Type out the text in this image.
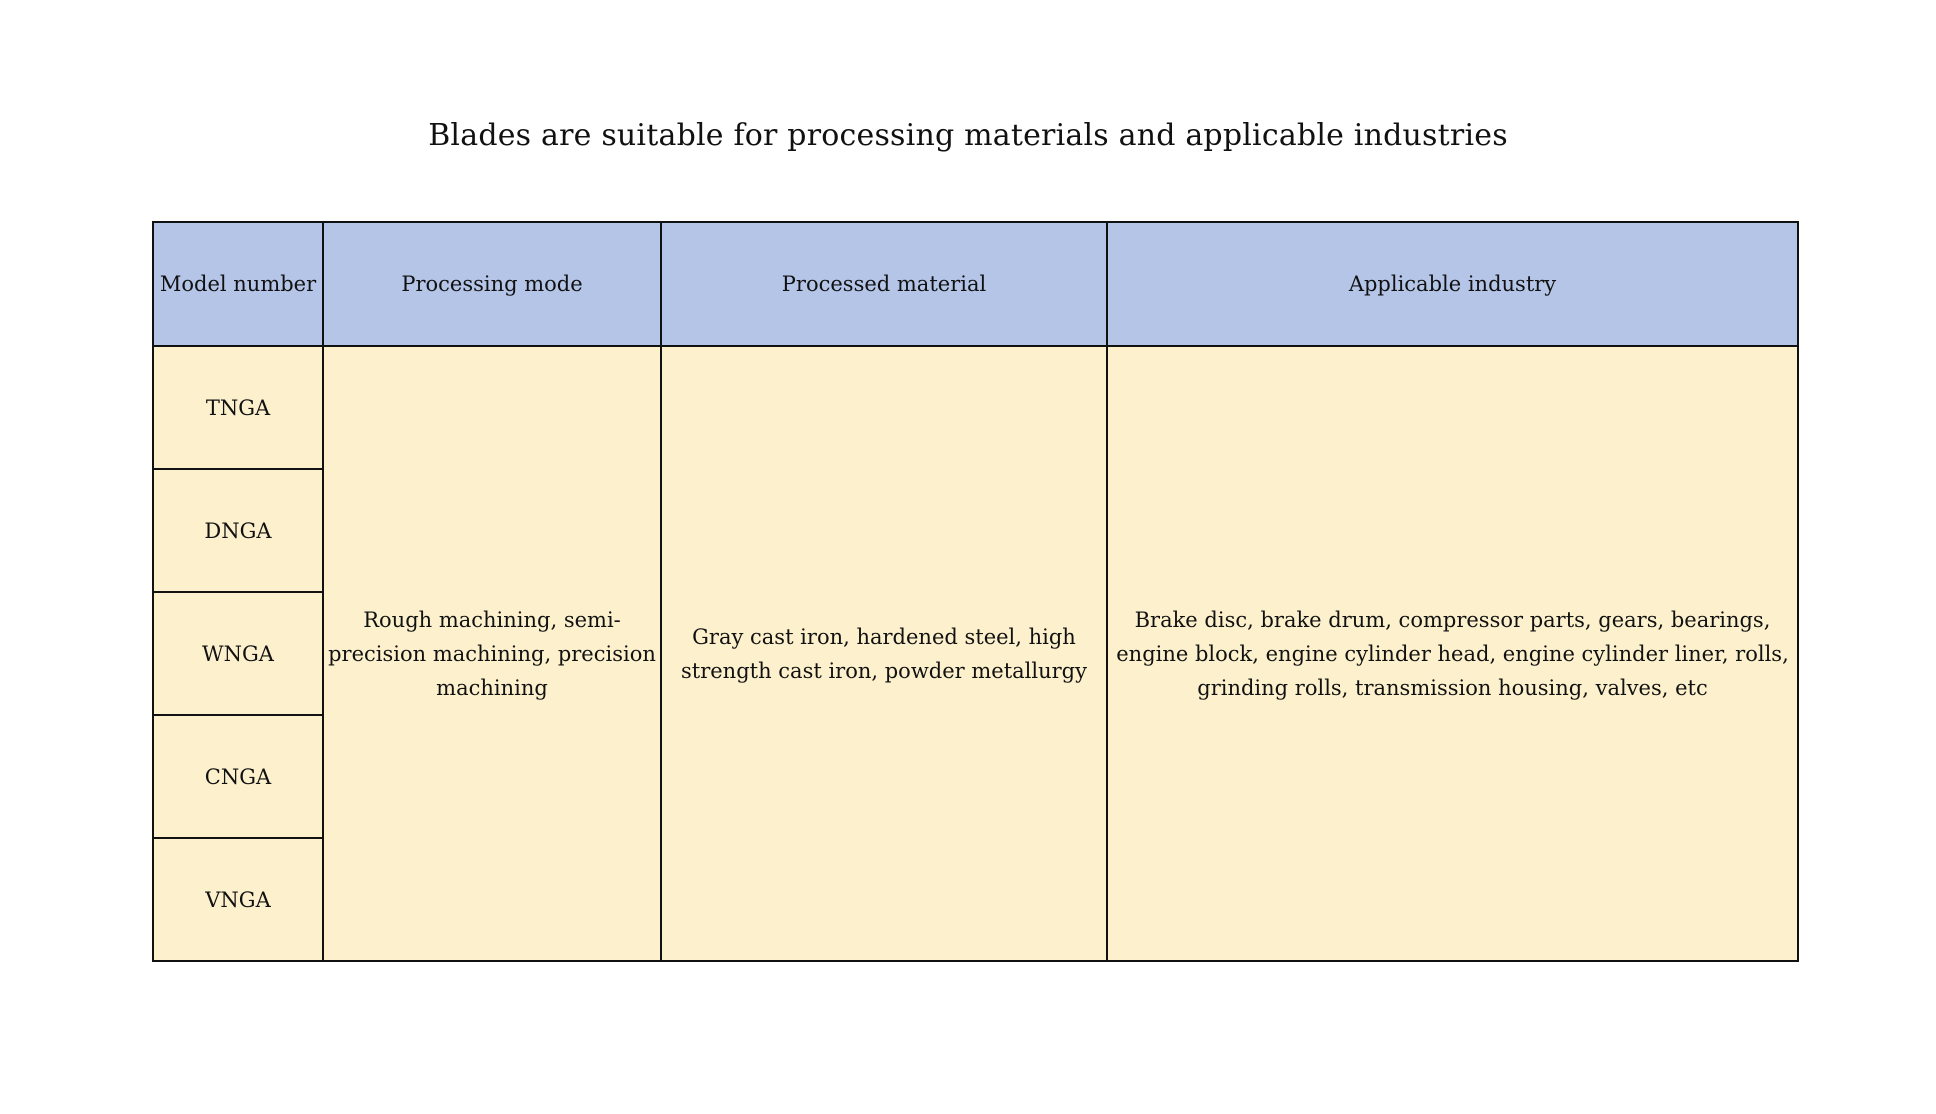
Blades are suitable for processing materials and applicable industries
Model number	Processing mode	Processed material	Applicable industry
TNGA	Rough machining, semi-precision machining, precision machining	Gray cast iron, hardened steel, high strength cast iron, powder metallurgy	Brake disc, brake drum, compressor parts, gears, bearings, engine block, engine cylinder head, engine cylinder liner, rolls, grinding rolls, transmission housing, valves, etc
DNGA			
WNGA			
CNGA			
VNGA			
